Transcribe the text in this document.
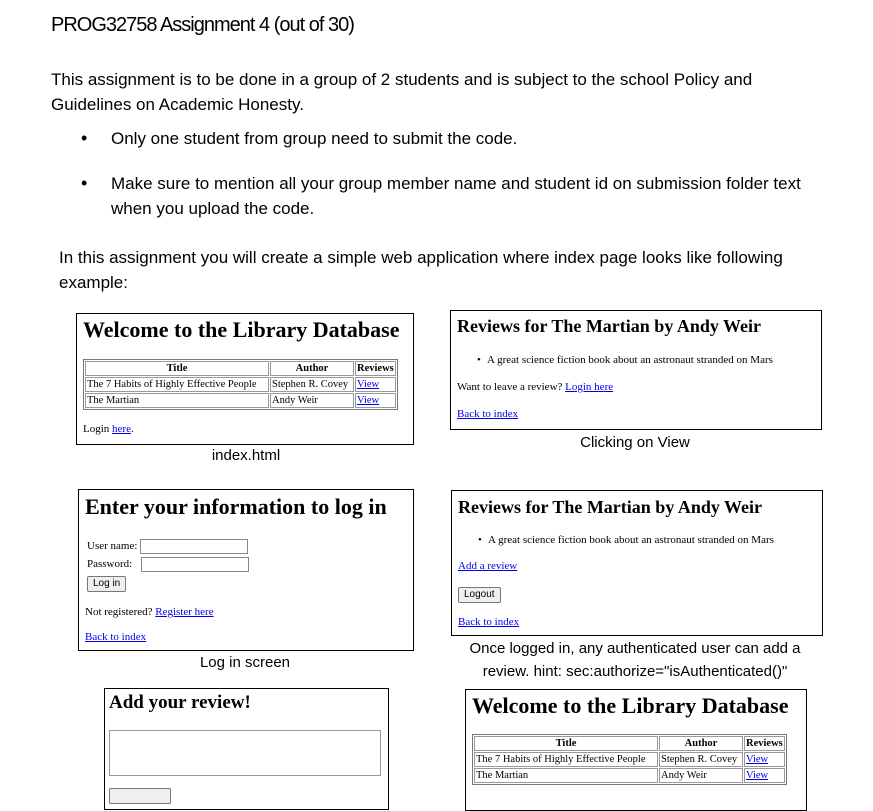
PROG32758 Assignment 4 (out of 30)
This assignment is to be done in a group of 2 students and is subject to the school Policy and Guidelines on Academic Honesty.
• Only one student from group need to submit the code.
• Make sure to mention all your group member name and student id on submission folder text when you upload the code.
In this assignment you will create a simple web application where index page looks like following example:
Welcome to the Library Database
Title	Author	Reviews
The 7 Habits of Highly Effective People	Stephen R. Covey	View
The Martian	Andy Weir	View
Login here.
index.html
Reviews for The Martian by Andy Weir
• A great science fiction book about an astronaut stranded on Mars
Want to leave a review? Login here
Back to index
Clicking on View
Enter your information to log in
User name:
Password:
Log in
Not registered? Register here
Back to index
Log in screen
Reviews for The Martian by Andy Weir
• A great science fiction book about an astronaut stranded on Mars
Add a review
Logout
Back to index
Once logged in, any authenticated user can add a
review. hint: sec:authorize="isAuthenticated()"
Add your review!	Welcome to the Library Database
Title	Author	Reviews
The 7 Habits of Highly Effective People	Stephen R. Covey	View
The Martian	Andy Weir	View
